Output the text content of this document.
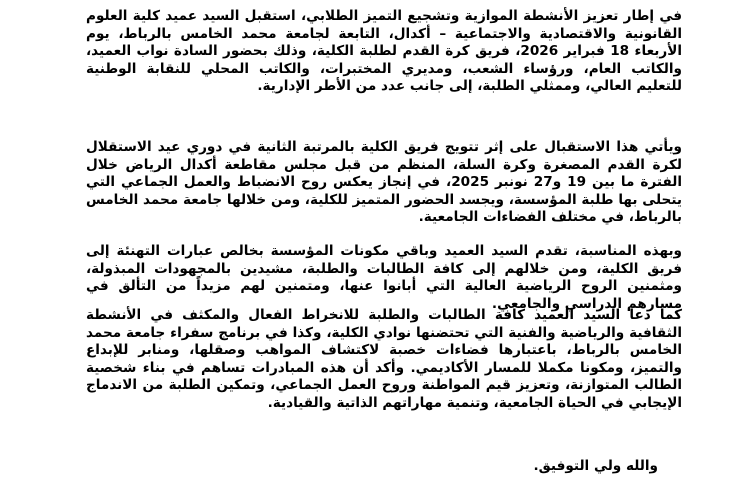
في إطار تعزيز الأنشطة الموازية وتشجيع التميز الطلابي، استقبل السيد عميد كلية العلوم القانونية والاقتصادية والاجتماعية – أكدال، التابعة لجامعة محمد الخامس بالرباط، يوم الأربعاء 18 فبراير 2026، فريق كرة القدم لطلبة الكلية، وذلك بحضور السادة نواب العميد، والكاتب العام، ورؤساء الشعب، ومديري المختبرات، والكاتب المحلي للنقابة الوطنية للتعليم العالي، وممثلي الطلبة، إلى جانب عدد من الأطر الإدارية.

ويأتي هذا الاستقبال على إثر تتويج فريق الكلية بالمرتبة الثانية في دوري عيد الاستقلال لكرة القدم المصغرة وكرة السلة، المنظم من قبل مجلس مقاطعة أكدال الرياض خلال الفترة ما بين 19 و27 نونبر 2025، في إنجاز يعكس روح الانضباط والعمل الجماعي التي يتحلى بها طلبة المؤسسة، ويجسد الحضور المتميز للكلية، ومن خلالها جامعة محمد الخامس بالرباط، في مختلف الفضاءات الجامعية.

وبهذه المناسبة، تقدم السيد العميد وباقي مكونات المؤسسة بخالص عبارات التهنئة إلى فريق الكلية، ومن خلالهم إلى كافة الطالبات والطلبة، مشيدين بالمجهودات المبذولة، ومثمنين الروح الرياضية العالية التي أبانوا عنها، ومتمنين لهم مزيداً من التألق في مسارهم الدراسي والجامعي.

كما دعا السيد العميد كافة الطالبات والطلبة للانخراط الفعال والمكثف في الأنشطة الثقافية والرياضية والفنية التي تحتضنها نوادي الكلية، وكذا في برنامج سفراء جامعة محمد الخامس بالرباط، باعتبارها فضاءات خصبة لاكتشاف المواهب وصقلها، ومنابر للإبداع والتميز، ومكونا مكملا للمسار الأكاديمي. وأكد أن هذه المبادرات تساهم في بناء شخصية الطالب المتوازنة، وتعزيز قيم المواطنة وروح العمل الجماعي، وتمكين الطلبة من الاندماج الإيجابي في الحياة الجامعية، وتنمية مهاراتهم الذاتية والقيادية.

والله ولي التوفيق.
